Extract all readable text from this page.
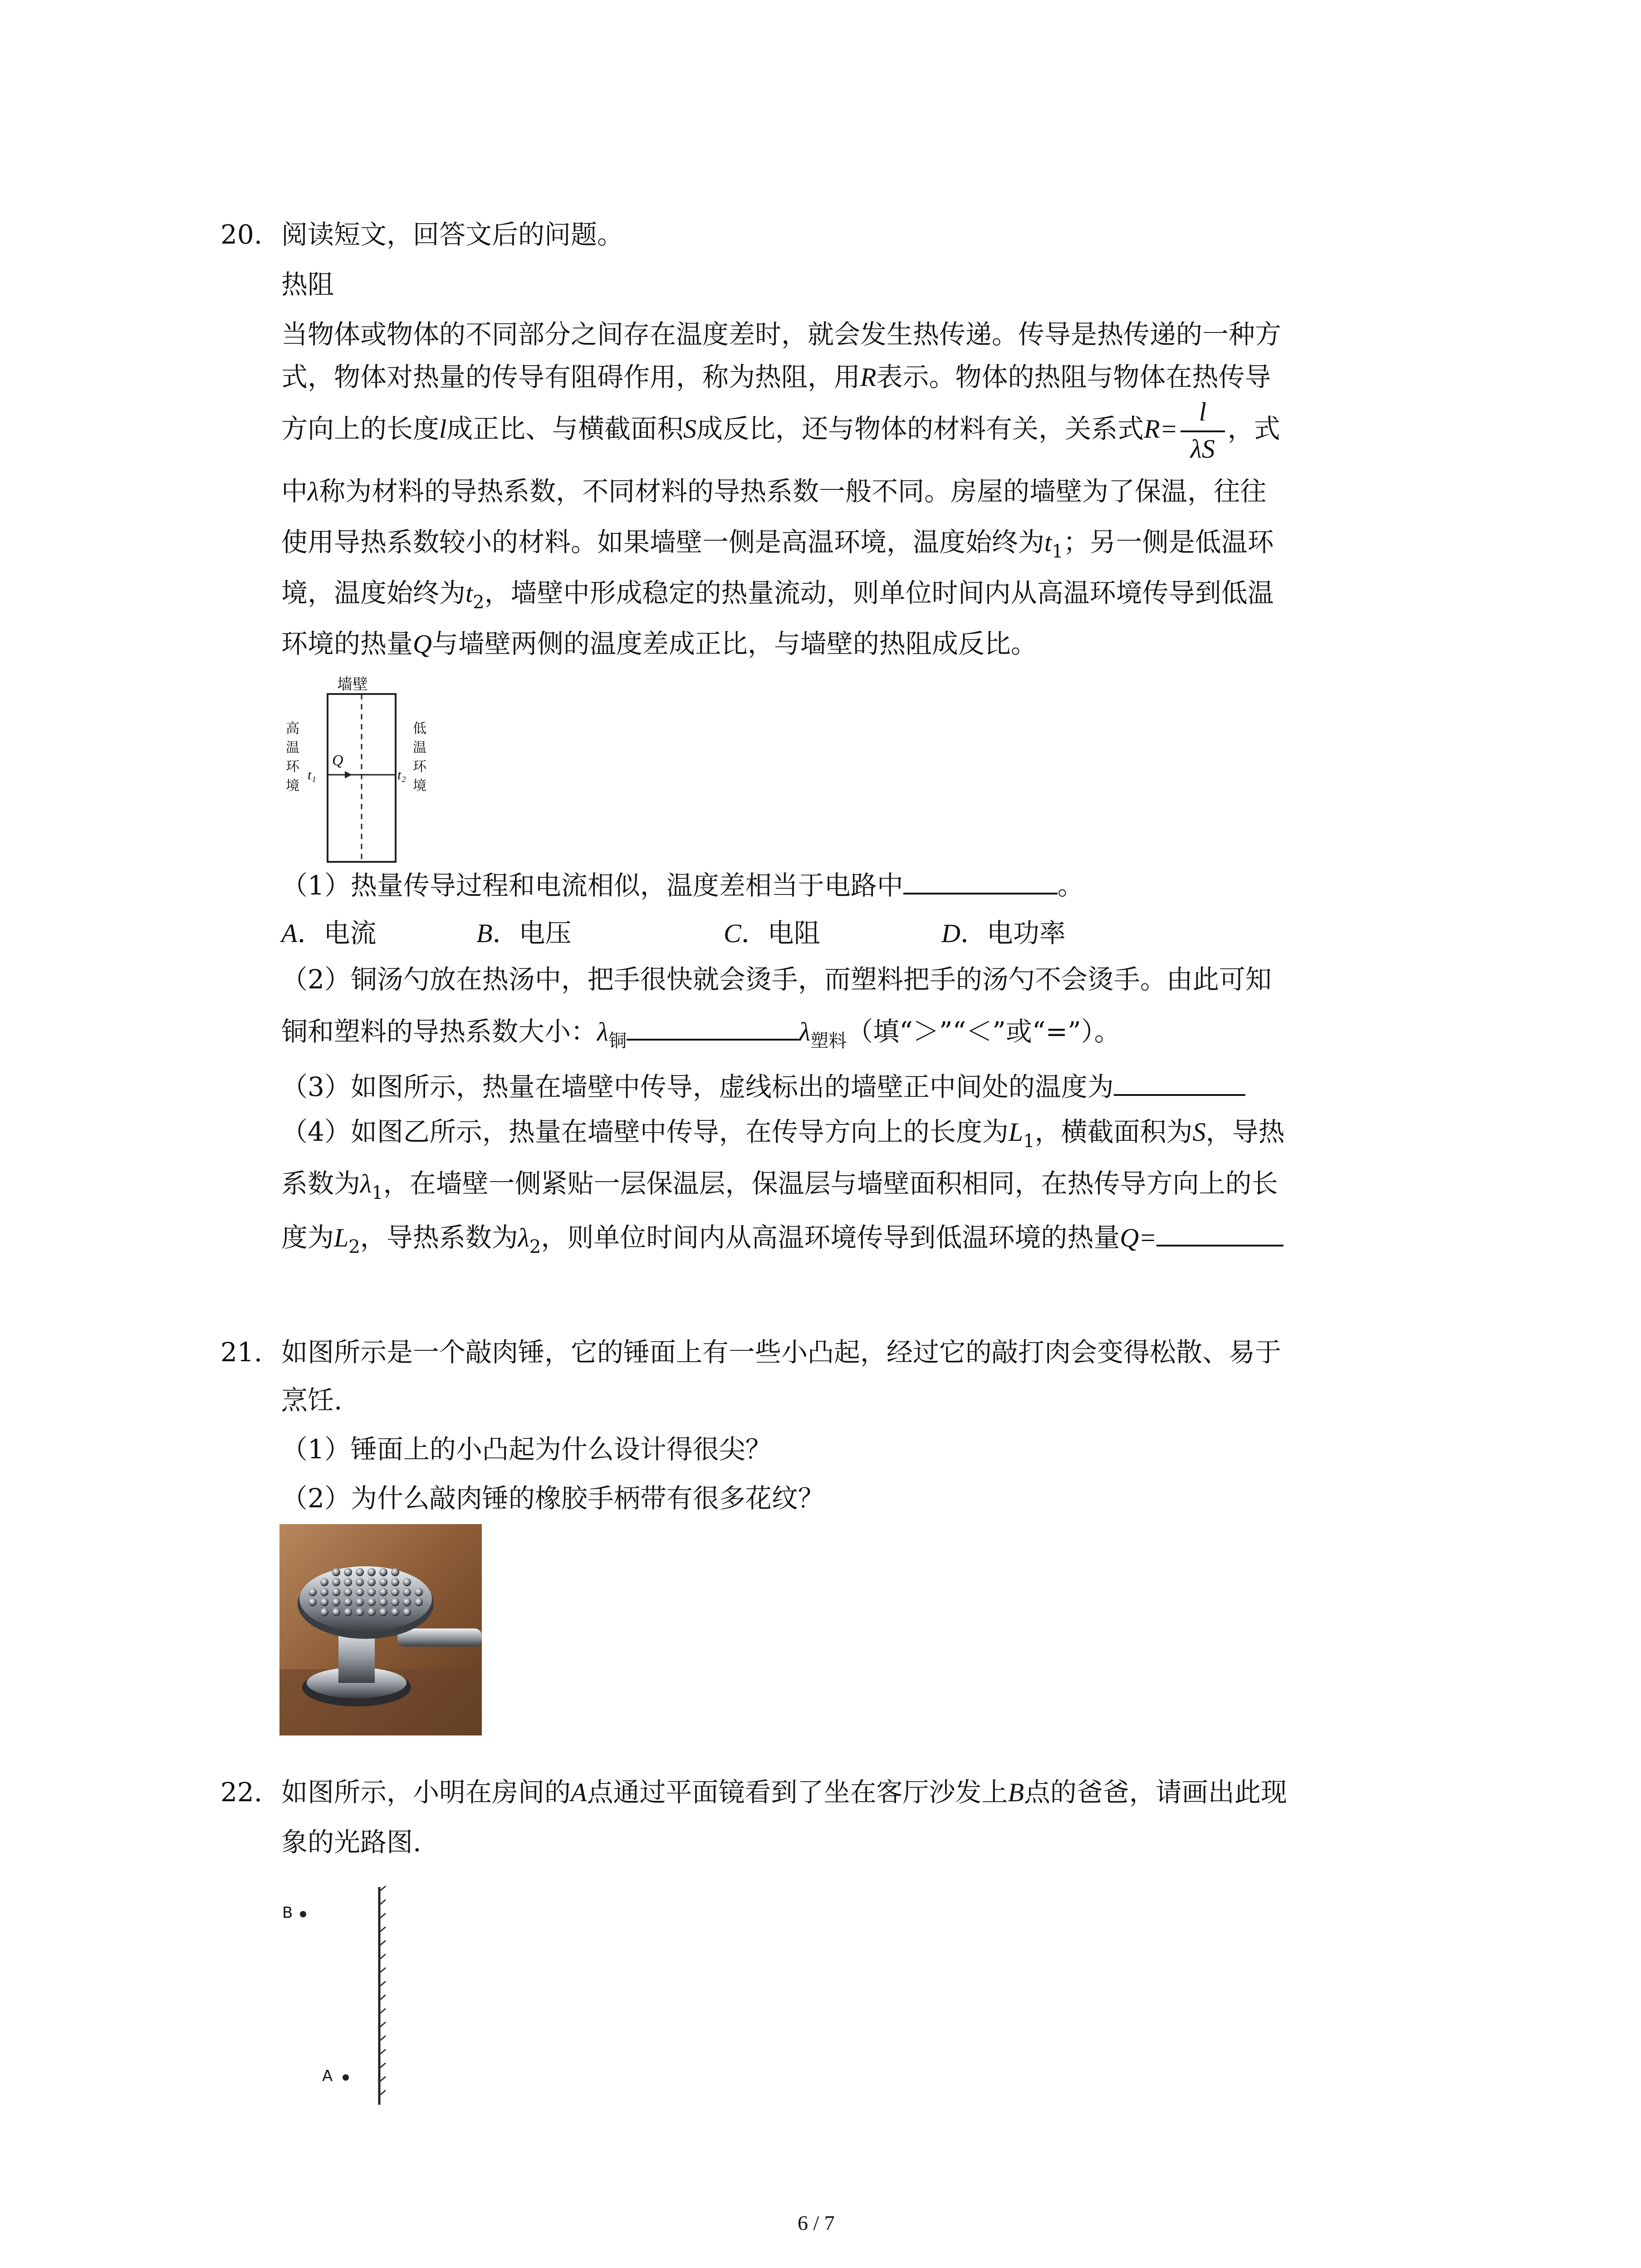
20. 阅读短文，回答文后的问题。
热阻
当物体或物体的不同部分之间存在温度差时，就会发生热传递。传导是热传递的一种方
式，物体对热量的传导有阻碍作用，称为热阻，用R表示。物体的热阻与物体在热传导
方向上的长度l成正比、与横截面积S成反比，还与物体的材料有关，关系式$R= \frac{l}{\lambda S}$ ，式
中λ称为材料的导热系数，不同材料的导热系数一般不同。房屋的墙壁为了保温，往往
使用导热系数较小的材料。如果墙壁一侧是高温环境，温度始终为$t_1$；另一侧是低温环
境，温度始终为$t_2$，墙壁中形成稳定的热量流动，则单位时间内从高温环境传导到低温
环境的热量Q与墙壁两侧的温度差成正比，与墙壁的热阻成反比。
墙壁
高
温
环
境
低
温
环
境
Q
t₁	t₂
（1）热量传导过程和电流相似，温度差相当于电路中	。
A．电流	B．电压	C．电阻	D．电功率
（2）铜汤勺放在热汤中，把手很快就会烫手，而塑料把手的汤勺不会烫手。由此可知
铜和塑料的导热系数大小：$\lambda_铜$	$\lambda_{塑料}$（填“＞”“＜”或“=”）。
（3）如图所示，热量在墙壁中传导，虚线标出的墙壁正中间处的温度为
（4）如图乙所示，热量在墙壁中传导，在传导方向上的长度为$L_1$，横截面积为S，导热
系数为$\lambda_1$，在墙壁一侧紧贴一层保温层，保温层与墙壁面积相同，在热传导方向上的长
度为$L_2$，导热系数为$\lambda_2$，则单位时间内从高温环境传导到低温环境的热量Q=
21. 如图所示是一个敲肉锤，它的锤面上有一些小凸起，经过它的敲打肉会变得松散、易于
烹饪.
（1）锤面上的小凸起为什么设计得很尖？
（2）为什么敲肉锤的橡胶手柄带有很多花纹？
22. 如图所示，小明在房间的A点通过平面镜看到了坐在客厅沙发上B点的爸爸，请画出此现
象的光路图.
B
A
6 / 7
